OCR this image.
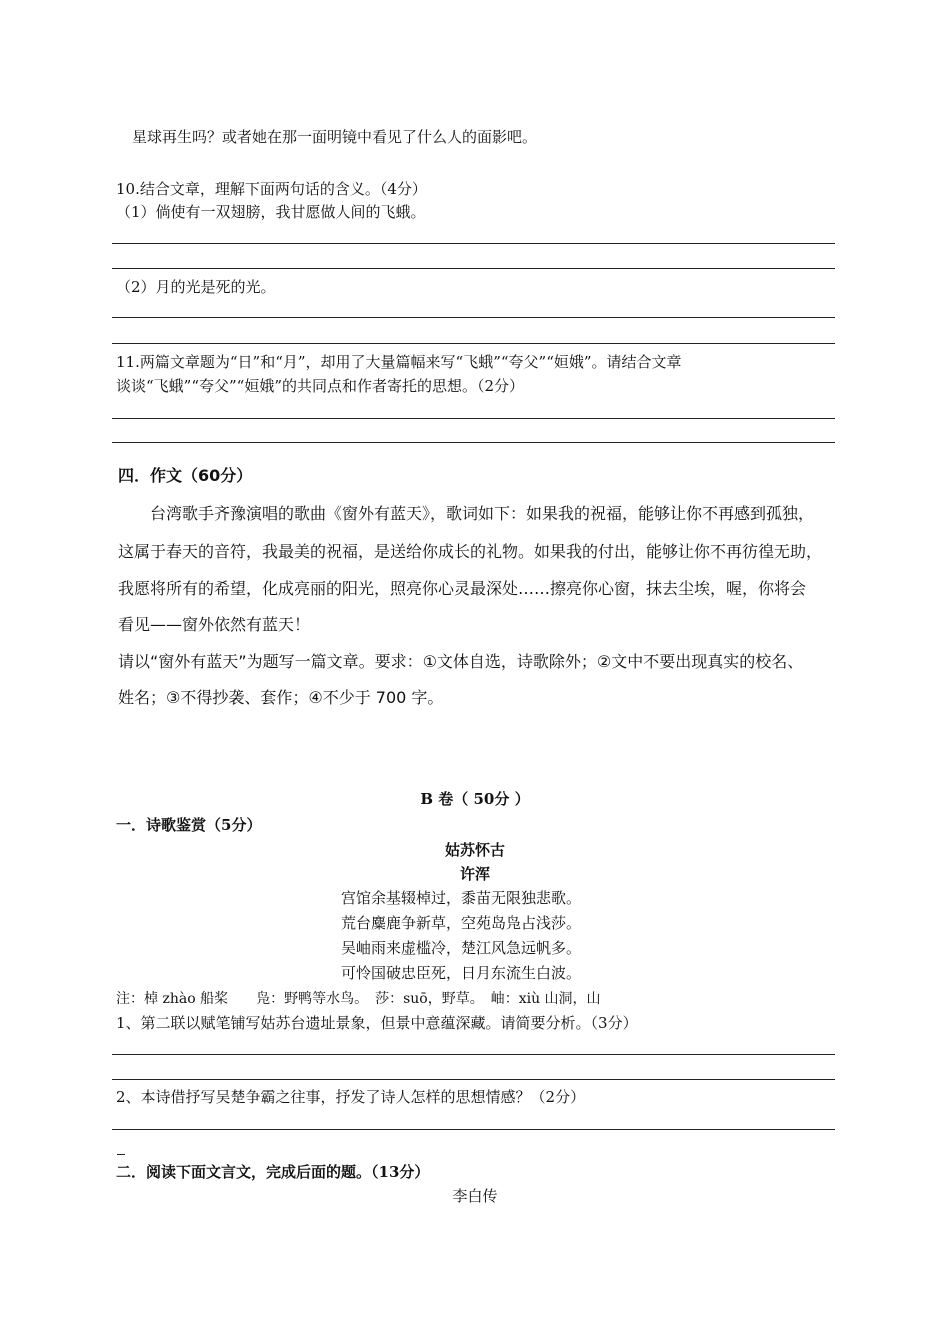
星球再生吗？或者她在那一面明镜中看见了什么人的面影吧。
10.结合文章，理解下面两句话的含义。（4分）
（1）倘使有一双翅膀，我甘愿做人间的飞蛾。
（2）月的光是死的光。
11.两篇文章题为“日”和“月”，却用了大量篇幅来写“飞蛾”“夸父”“姮娥”。请结合文章
谈谈“飞蛾”“夸父”“姮娥”的共同点和作者寄托的思想。（2分）
四．作文（60分）
台湾歌手齐豫演唱的歌曲《窗外有蓝天》，歌词如下：如果我的祝福，能够让你不再感到孤独，
这属于春天的音符，我最美的祝福，是送给你成长的礼物。如果我的付出，能够让你不再彷徨无助，
我愿将所有的希望，化成亮丽的阳光，照亮你心灵最深处……擦亮你心窗，抹去尘埃，喔，你将会
看见——窗外依然有蓝天！
请以“窗外有蓝天”为题写一篇文章。要求：①文体自选，诗歌除外；②文中不要出现真实的校名、
姓名；③不得抄袭、套作；④不少于 700 字。
B 卷（ 50分 ）
一．诗歌鉴赏（5分）
姑苏怀古
许浑
宫馆余基辍棹过，黍苗无限独悲歌。
荒台麋鹿争新草，空苑岛凫占浅莎。
吴岫雨来虚槛冷，楚江风急远帆多。
可怜国破忠臣死，日月东流生白波。
注：棹 zhào 船桨　　凫：野鸭等水鸟。　莎：suō，野草。　岫：xiù 山洞，山
1、第二联以赋笔铺写姑苏台遗址景象，但景中意蕴深藏。请简要分析。（3分）
2、本诗借抒写吴楚争霸之往事，抒发了诗人怎样的思想情感？（2分）
二．阅读下面文言文，完成后面的题。（13分）
李白传
